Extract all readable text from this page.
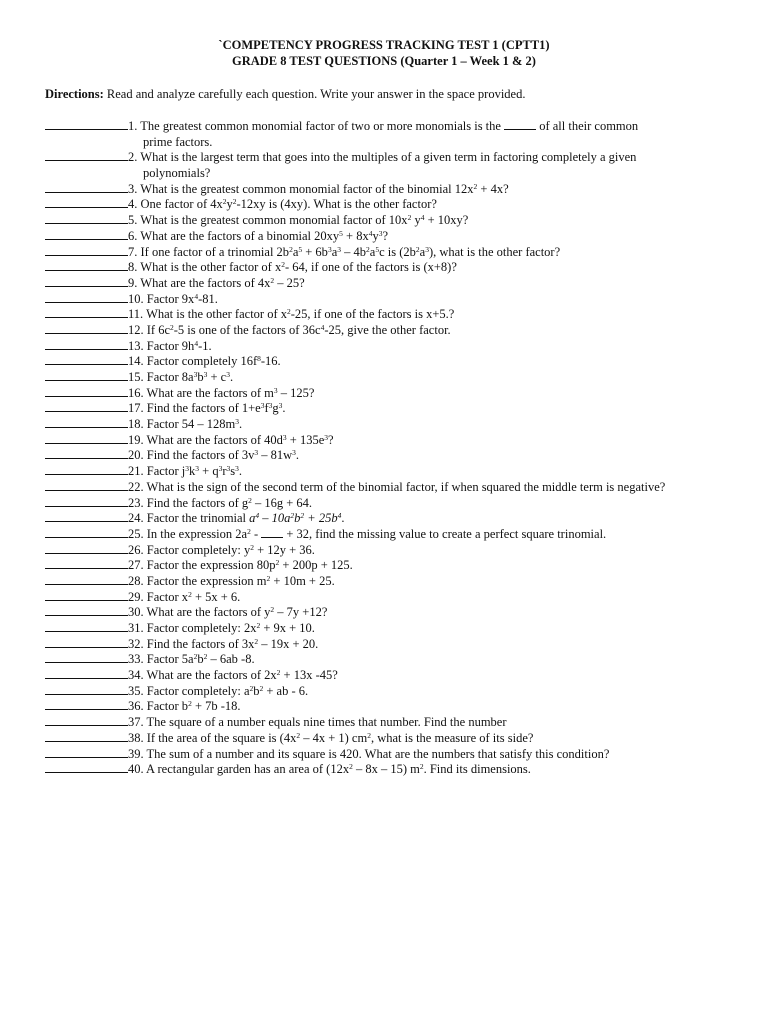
`COMPETENCY PROGRESS TRACKING TEST 1 (CPTT1)
GRADE 8 TEST QUESTIONS (Quarter 1 – Week 1 & 2)
Directions: Read and analyze carefully each question. Write your answer in the space provided.
1. The greatest common monomial factor of two or more monomials is the	of all their common
prime factors.
2. What is the largest term that goes into the multiples of a given term in factoring completely a given
polynomials?
3. What is the greatest common monomial factor of the binomial $12x^2 + 4x$?
4. One factor of $4x^2y^2-12xy$ is (4xy). What is the other factor?
5. What is the greatest common monomial factor of $10x^2$ $y^4 + 10xy$?
6. What are the factors of a binomial $20xy^5 + 8x^4y^3$?
7. If one factor of a trinomial $2b^2a^5 + 6b^3a^3 - 4b^2a^5c$ is $(2b^2a^3)$, what is the other factor?
8. What is the other factor of $x^2-$ 64, if one of the factors is (x+8)?
9. What are the factors of $4x^2 - 25$?
10. Factor $9x^4-81$.
11. What is the other factor of $x^2-25$, if one of the factors is x+5.?
12. If $6c^2-5$ is one of the factors of $36c^4-25$, give the other factor.
13. Factor $9h^4-1$.
14. Factor completely $16f^8-16$.
15. Factor $8a^3b^3 + c^3$.
16. What are the factors of $m^3 - 125$?
17. Find the factors of $1+e^3f^3g^3$.
18. Factor $54 - 128m^3$.
19. What are the factors of $40d^3 + 135e^3$?
20. Find the factors of $3v^3 - 81w^3$.
21. Factor $j^3k^3 + q^3r^3s^3$.
22. What is the sign of the second term of the binomial factor, if when squared the middle term is negative?
23. Find the factors of $g^2 - 16g + 64$.
24. Factor the trinomial $a^4 - 10a^2b^2 + 25b^4$.
25. In the expression $2a^2$ -  + 32, find the missing value to create a perfect square trinomial.
26. Factor completely: $y^2 + 12y + 36$.
27. Factor the expression $80p^2 + 200p + 125$.
28. Factor the expression $m^2 + 10m + 25$.
29. Factor $x^2 + 5x + 6$.
30. What are the factors of $y^2 - 7y +12$?
31. Factor completely: $2x^2 + 9x + 10$.
32. Find the factors of $3x^2 - 19x + 20$.
33. Factor $5a^2b^2 - 6ab$ -8.
34. What are the factors of $2x^2 + 13x$ -45?
35. Factor completely: $a^2b^2$ + ab - 6.
36. Factor $b^2 + 7b$ -18.
37. The square of a number equals nine times that number. Find the number
38. If the area of the square is $(4x^2 - 4x + 1)$ $cm^2$, what is the measure of its side?
39. The sum of a number and its square is 420. What are the numbers that satisfy this condition?
40. A rectangular garden has an area of $(12x^2 - 8x - 15)$ $m^2$. Find its dimensions.
